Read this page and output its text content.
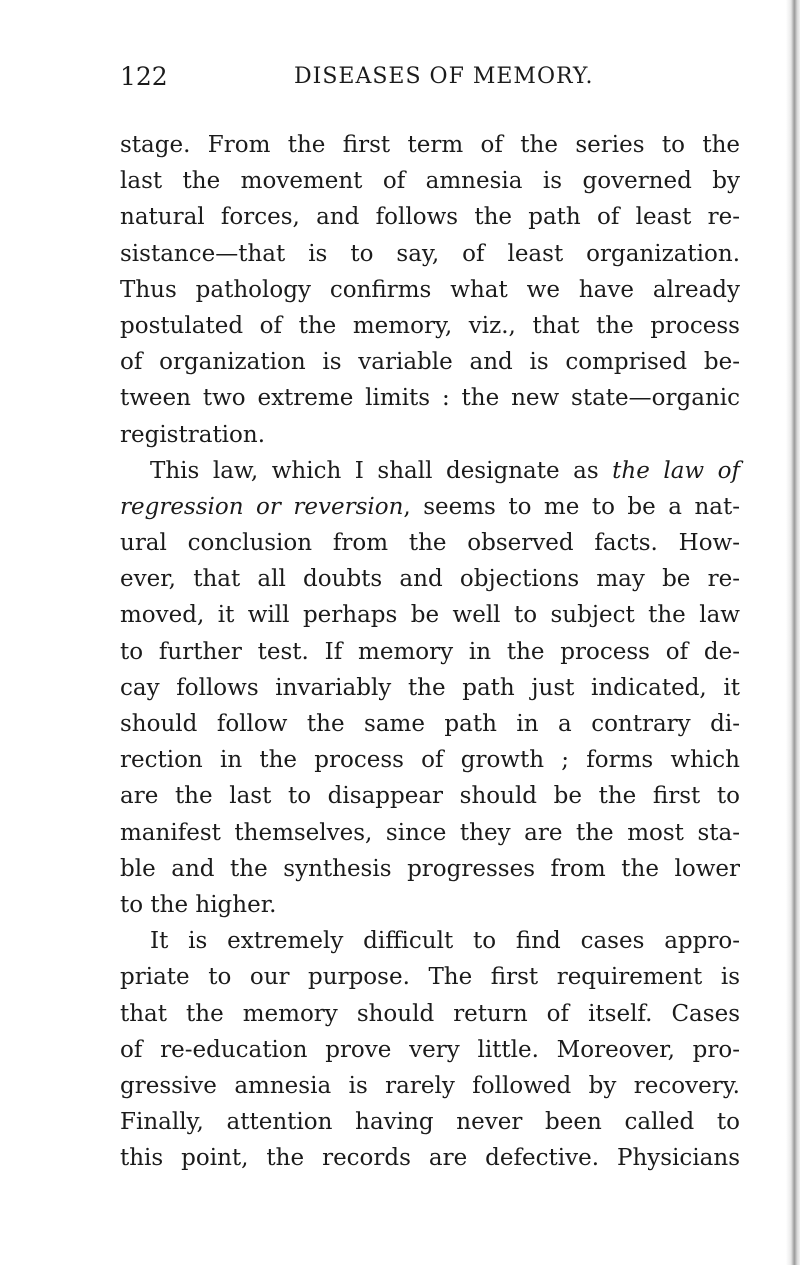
122	DISEASES OF MEMORY.
stage. From the first term of the series to the
last the movement of amnesia is governed by
natural forces, and follows the path of least re-
sistance—that is to say, of least organization.
Thus pathology confirms what we have already
postulated of the memory, viz., that the process
of organization is variable and is comprised be-
tween two extreme limits : the new state—organic
registration.
This law, which I shall designate as the law of
regression or reversion, seems to me to be a nat-
ural conclusion from the observed facts. How-
ever, that all doubts and objections may be re-
moved, it will perhaps be well to subject the law
to further test. If memory in the process of de-
cay follows invariably the path just indicated, it
should follow the same path in a contrary di-
rection in the process of growth ; forms which
are the last to disappear should be the first to
manifest themselves, since they are the most sta-
ble and the synthesis progresses from the lower
to the higher.
It is extremely difficult to find cases appro-
priate to our purpose. The first requirement is
that the memory should return of itself. Cases
of re-education prove very little. Moreover, pro-
gressive amnesia is rarely followed by recovery.
Finally, attention having never been called to
this point, the records are defective. Physicians
